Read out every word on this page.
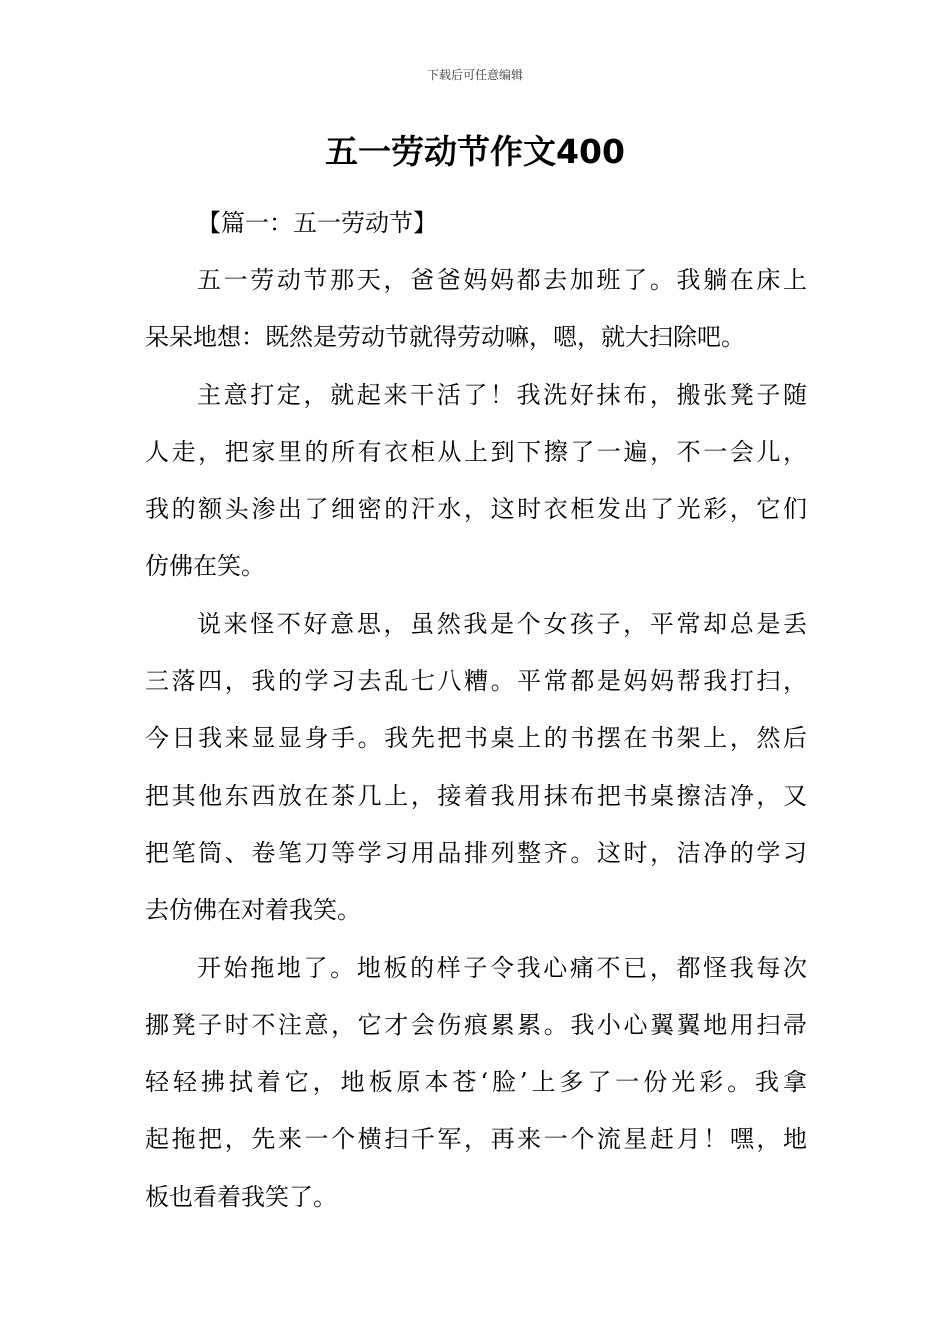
下载后可任意编辑
五一劳动节作文400
【篇一：五一劳动节】

五一劳动节那天，爸爸妈妈都去加班了。我躺在床上
呆呆地想：既然是劳动节就得劳动嘛，嗯，就大扫除吧。

主意打定，就起来干活了！我洗好抹布，搬张凳子随
人走，把家里的所有衣柜从上到下擦了一遍，不一会儿，
我的额头渗出了细密的汗水，这时衣柜发出了光彩，它们
仿佛在笑。

说来怪不好意思，虽然我是个女孩子，平常却总是丢
三落四，我的学习去乱七八糟。平常都是妈妈帮我打扫，
今日我来显显身手。我先把书桌上的书摆在书架上，然后
把其他东西放在茶几上，接着我用抹布把书桌擦洁净，又
把笔筒、卷笔刀等学习用品排列整齐。这时，洁净的学习
去仿佛在对着我笑。

开始拖地了。地板的样子令我心痛不已，都怪我每次
挪凳子时不注意，它才会伤痕累累。我小心翼翼地用扫帚
轻轻拂拭着它，地板原本苍‘脸’上多了一份光彩。我拿
起拖把，先来一个横扫千军，再来一个流星赶月！嘿，地
板也看着我笑了。
